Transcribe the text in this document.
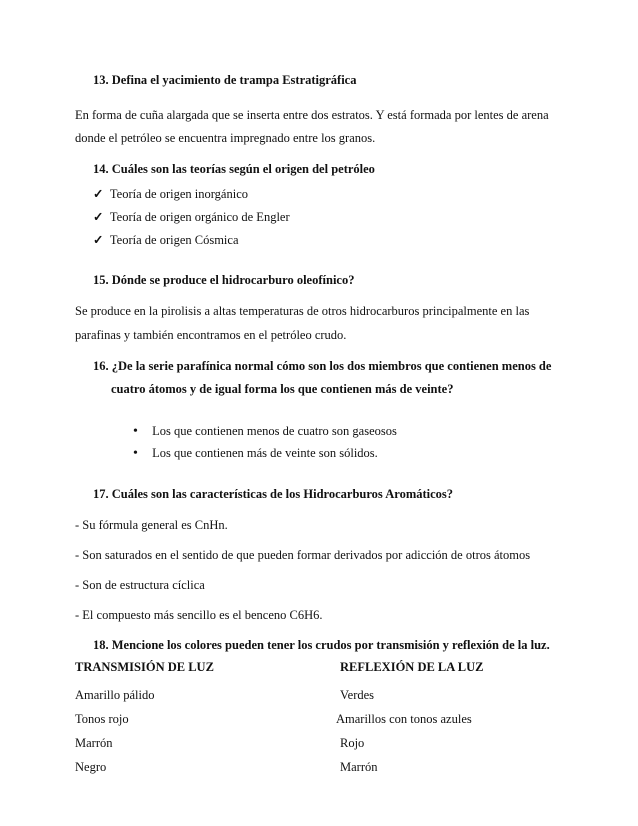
13. Defina el yacimiento de trampa Estratigráfica
En forma de cuña alargada que se inserta entre dos estratos. Y está formada por lentes de arena
donde el petróleo se encuentra impregnado entre los granos.
14. Cuáles son las teorías según el origen del petróleo
✓ Teoría de origen inorgánico
✓ Teoría de origen orgánico de Engler
✓ Teoría de origen Cósmica
15. Dónde se produce el hidrocarburo oleofínico?
Se produce en la pirolisis a altas temperaturas de otros hidrocarburos principalmente en las
parafinas y también encontramos en el petróleo crudo.
16. ¿De la serie parafínica normal cómo son los dos miembros que contienen menos de
cuatro átomos y de igual forma los que contienen más de veinte?
• Los que contienen menos de cuatro son gaseosos
• Los que contienen más de veinte son sólidos.
17. Cuáles son las características de los Hidrocarburos Aromáticos?
- Su fórmula general es CnHn.
- Son saturados en el sentido de que pueden formar derivados por adicción de otros átomos
- Son de estructura cíclica
- El compuesto más sencillo es el benceno C6H6.
18. Mencione los colores pueden tener los crudos por transmisión y reflexión de la luz.
TRANSMISIÓN DE LUZ	REFLEXIÓN DE LA LUZ
Amarillo pálido
Tonos rojo
Marrón
Negro
Verdes
Amarillos con tonos azules
Rojo
Marrón
